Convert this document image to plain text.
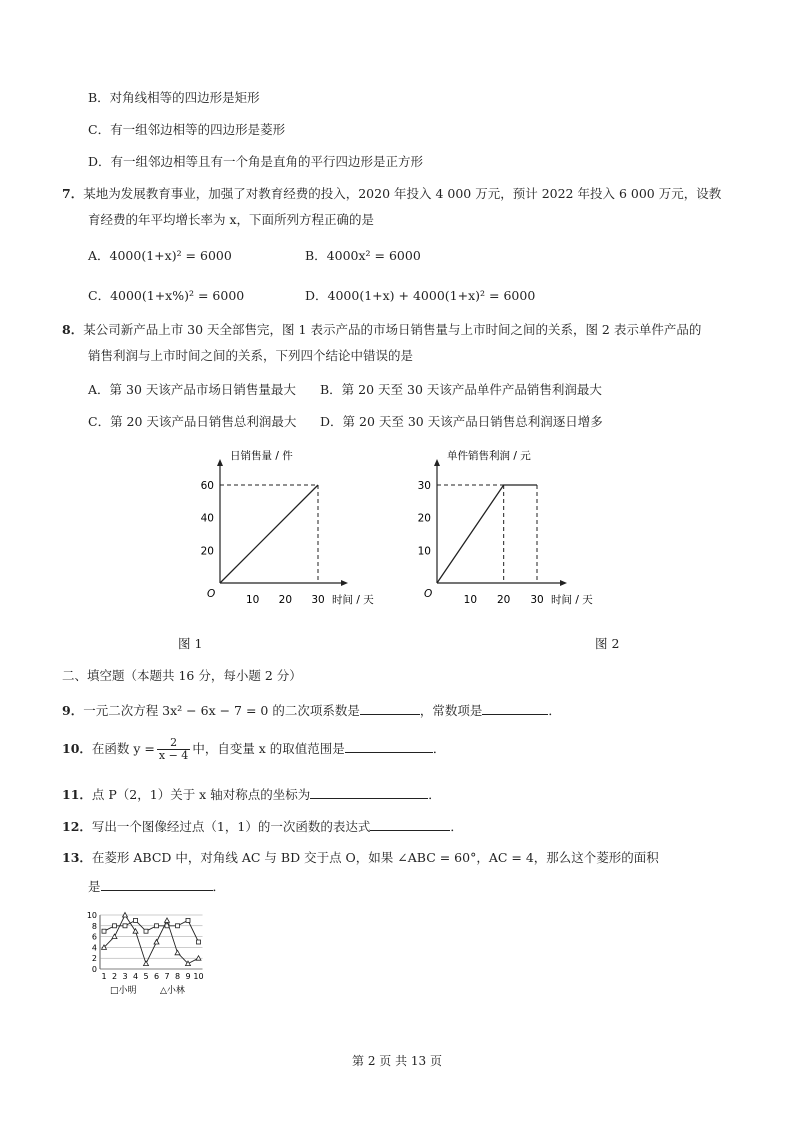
B．对角线相等的四边形是矩形
C．有一组邻边相等的四边形是菱形
D．有一组邻边相等且有一个角是直角的平行四边形是正方形
7．某地为发展教育事业，加强了对教育经费的投入，2020 年投入 4 000 万元，预计 2022 年投入 6 000 万元，设教
育经费的年平均增长率为 x，下面所列方程正确的是
A．4000(1+x)² = 6000	B．4000x² = 6000
C．4000(1+x%)² = 6000	D．4000(1+x) + 4000(1+x)² = 6000
8．某公司新产品上市 30 天全部售完，图 1 表示产品的市场日销售量与上市时间之间的关系，图 2 表示单件产品的
销售利润与上市时间之间的关系，下列四个结论中错误的是
A．第 30 天该产品市场日销售量最大 B．第 20 天至 30 天该产品单件产品销售利润最大
C．第 20 天该产品日销售总利润最大 D．第 20 天至 30 天该产品日销售总利润逐日增多
日销售量 / 件
时间 / 天
O	10 20 30
20
40
60
单件销售利润 / 元
时间 / 天
O	10 20 30
10
20
30
图 1	图 2
二、填空题（本题共 16 分，每小题 2 分）
9．一元二次方程 3x² − 6x − 7 = 0 的二次项系数是	，常数项是	．
10．在函数 $y = \frac{2}{x - 4}$ 中，自变量 x 的取值范围是	．
11．点 P（2，1）关于 x 轴对称点的坐标为	．
12．写出一个图像经过点（1，1）的一次函数的表达式	．
13．在菱形 ABCD 中，对角线 AC 与 BD 交于点 O，如果 ∠ABC = 60°，AC = 4，那么这个菱形的面积
是	．
0
2
4
6
8
10
1 2 3 4 5 6 7 8 9 10
□小明	△小林
第 2 页 共 13 页
